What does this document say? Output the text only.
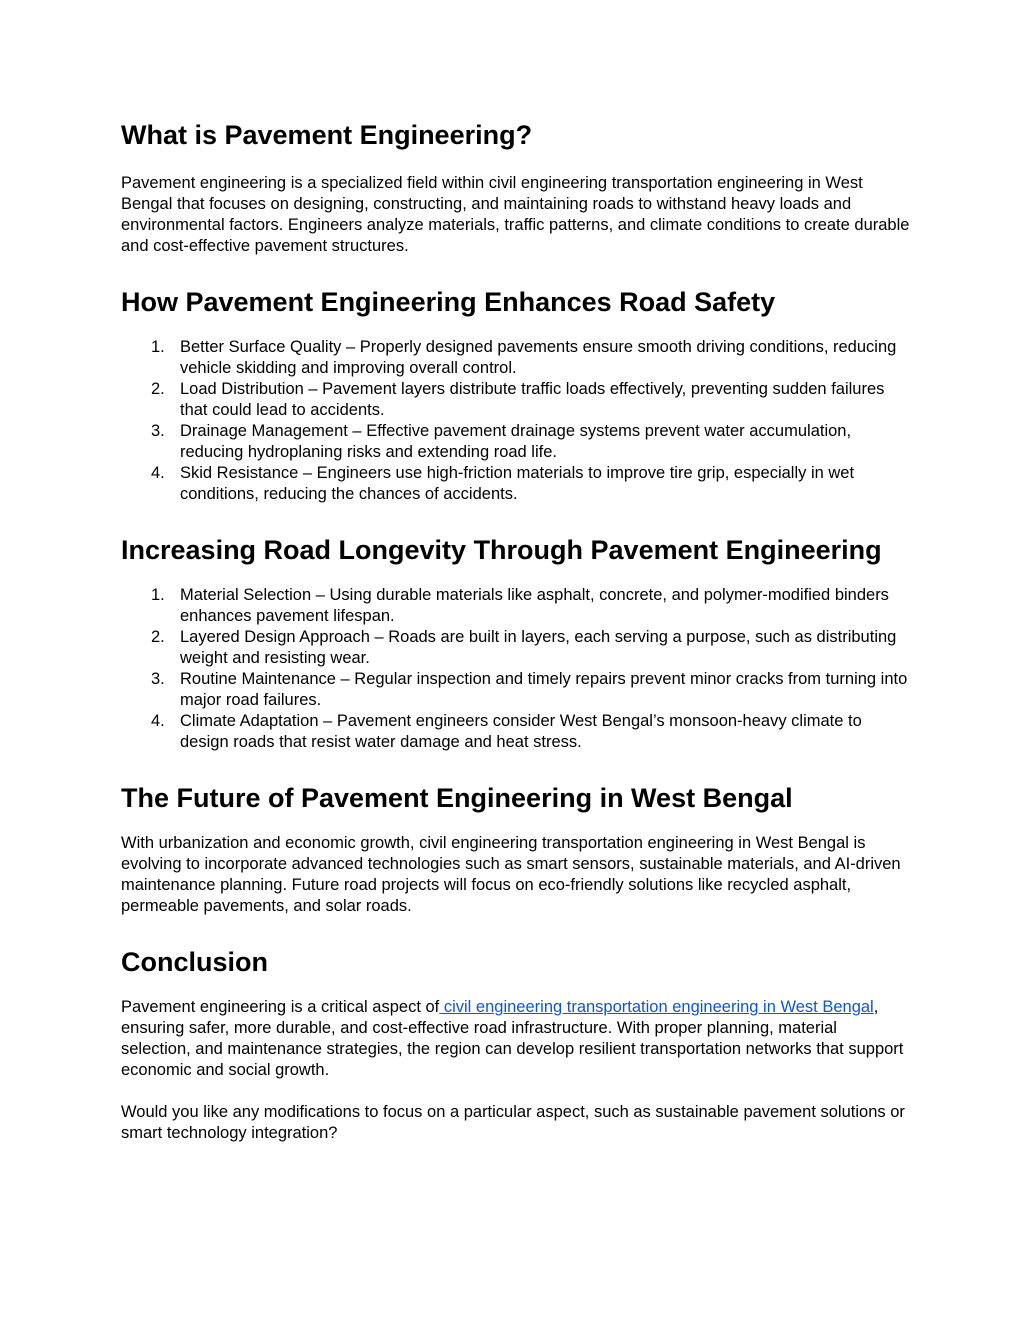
What is Pavement Engineering?

Pavement engineering is a specialized field within civil engineering transportation engineering in West Bengal that focuses on designing, constructing, and maintaining roads to withstand heavy loads and environmental factors. Engineers analyze materials, traffic patterns, and climate conditions to create durable and cost-effective pavement structures.

How Pavement Engineering Enhances Road Safety
1. Better Surface Quality – Properly designed pavements ensure smooth driving conditions, reducing vehicle skidding and improving overall control.
2. Load Distribution – Pavement layers distribute traffic loads effectively, preventing sudden failures that could lead to accidents.
3. Drainage Management – Effective pavement drainage systems prevent water accumulation, reducing hydroplaning risks and extending road life.
4. Skid Resistance – Engineers use high-friction materials to improve tire grip, especially in wet conditions, reducing the chances of accidents.
Increasing Road Longevity Through Pavement Engineering
1. Material Selection – Using durable materials like asphalt, concrete, and polymer-modified binders enhances pavement lifespan.
2. Layered Design Approach – Roads are built in layers, each serving a purpose, such as distributing weight and resisting wear.
3. Routine Maintenance – Regular inspection and timely repairs prevent minor cracks from turning into major road failures.
4. Climate Adaptation – Pavement engineers consider West Bengal’s monsoon-heavy climate to design roads that resist water damage and heat stress.
The Future of Pavement Engineering in West Bengal

With urbanization and economic growth, civil engineering transportation engineering in West Bengal is evolving to incorporate advanced technologies such as smart sensors, sustainable materials, and AI-driven maintenance planning. Future road projects will focus on eco-friendly solutions like recycled asphalt, permeable pavements, and solar roads.

Conclusion

Pavement engineering is a critical aspect of civil engineering transportation engineering in West Bengal, ensuring safer, more durable, and cost-effective road infrastructure. With proper planning, material selection, and maintenance strategies, the region can develop resilient transportation networks that support economic and social growth.

Would you like any modifications to focus on a particular aspect, such as sustainable pavement solutions or smart technology integration?
